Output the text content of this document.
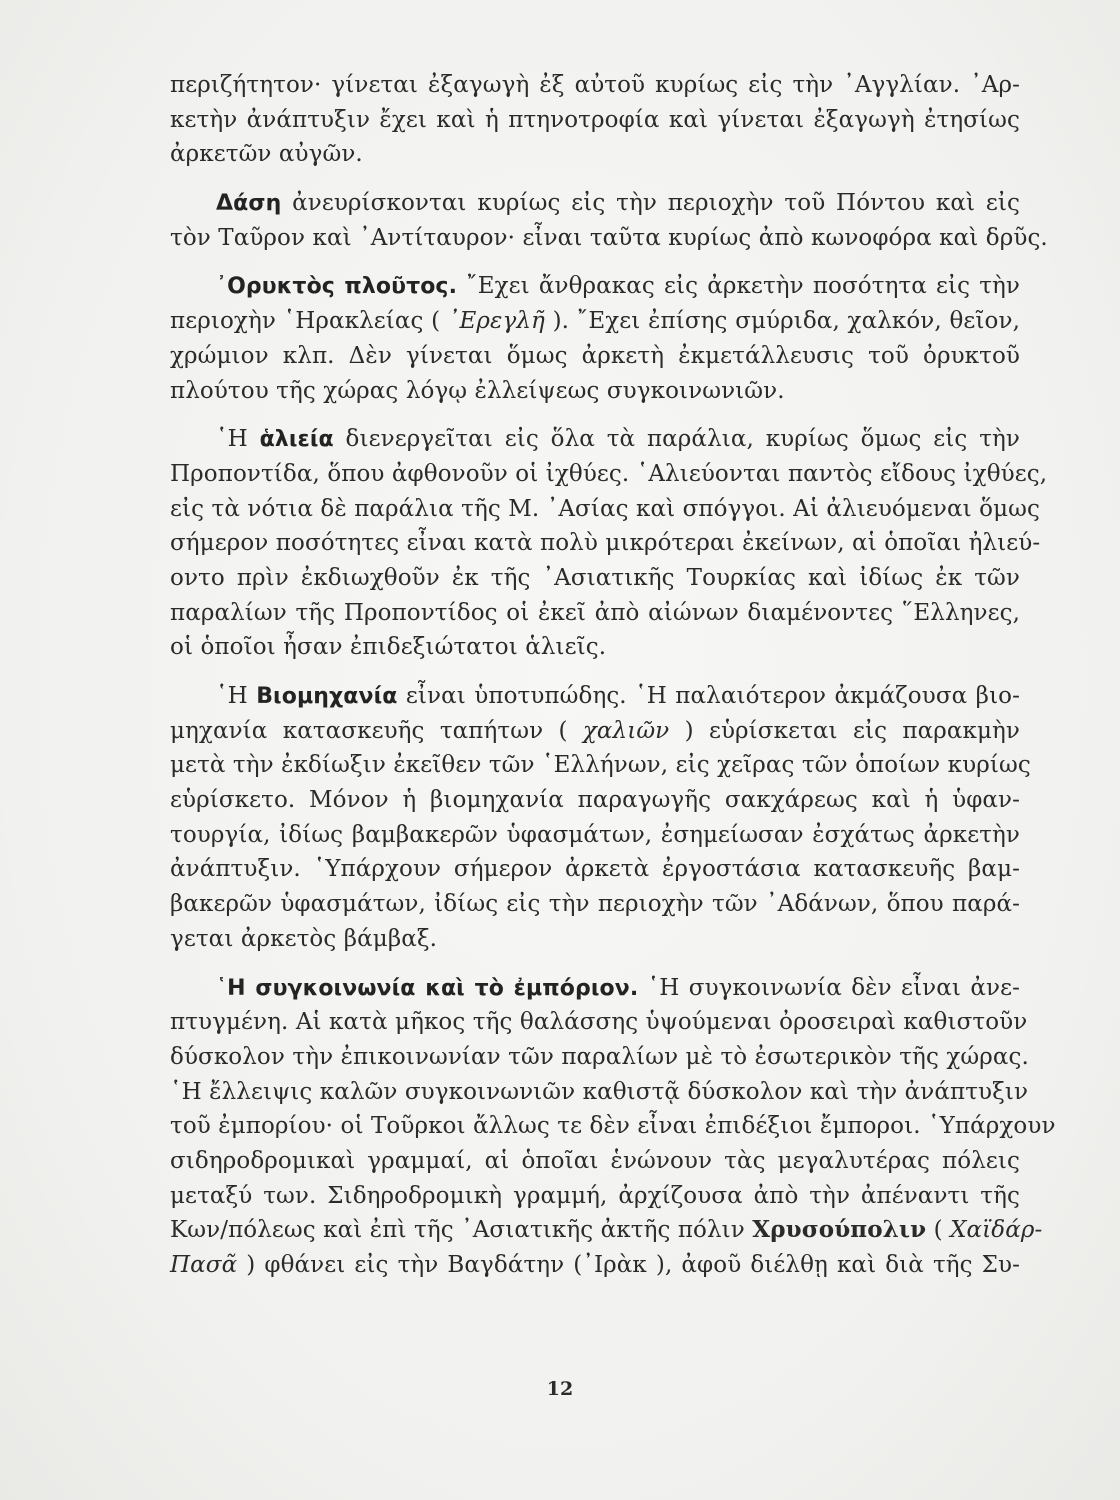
περιζήτητον· γίνεται ἐξαγωγὴ ἐξ αὐτοῦ κυρίως εἰς τὴν ᾿Αγγλίαν. ᾿Αρ-
κετὴν ἀνάπτυξιν ἔχει καὶ ἡ πτηνοτροφία καὶ γίνεται ἐξαγωγὴ ἐτησίως
ἀρκετῶν αὐγῶν.
Δάση ἀνευρίσκονται κυρίως εἰς τὴν περιοχὴν τοῦ Πόντου καὶ εἰς
τὸν Ταῦρον καὶ ᾿Αντίταυρον· εἶναι ταῦτα κυρίως ἀπὸ κωνοφόρα καὶ δρῦς.
᾿Ορυκτὸς πλοῦτος. ῎Εχει ἄνθρακας εἰς ἀρκετὴν ποσότητα εἰς τὴν
περιοχὴν ῾Ηρακλείας ( ᾿Ερεγλῆ ). ῎Εχει ἐπίσης σμύριδα, χαλκόν, θεῖον,
χρώμιον κλπ. Δὲν γίνεται ὅμως ἀρκετὴ ἐκμετάλλευσις τοῦ ὀρυκτοῦ
πλούτου τῆς χώρας λόγῳ ἐλλείψεως συγκοινωνιῶν.
῾Η ἁλιεία διενεργεῖται εἰς ὅλα τὰ παράλια, κυρίως ὅμως εἰς τὴν
Προποντίδα, ὅπου ἀφθονοῦν οἱ ἰχθύες. ῾Αλιεύονται παντὸς εἴδους ἰχθύες,
εἰς τὰ νότια δὲ παράλια τῆς Μ. ᾿Ασίας καὶ σπόγγοι. Αἱ ἀλιευόμεναι ὅμως
σήμερον ποσότητες εἶναι κατὰ πολὺ μικρότεραι ἐκείνων, αἱ ὁποῖαι ἠλιεύ-
οντο πρὶν ἐκδιωχθοῦν ἐκ τῆς ᾿Ασιατικῆς Τουρκίας καὶ ἰδίως ἐκ τῶν
παραλίων τῆς Προποντίδος οἱ ἐκεῖ ἀπὸ αἰώνων διαμένοντες ῞Ελληνες,
οἱ ὁποῖοι ἦσαν ἐπιδεξιώτατοι ἁλιεῖς.
῾Η Βιομηχανία εἶναι ὑποτυπώδης. ῾Η παλαιότερον ἀκμάζουσα βιο-
μηχανία κατασκευῆς ταπήτων ( χαλιῶν ) εὑρίσκεται εἰς παρακμὴν
μετὰ τὴν ἐκδίωξιν ἐκεῖθεν τῶν ῾Ελλήνων, εἰς χεῖρας τῶν ὁποίων κυρίως
εὑρίσκετο. Μόνον ἡ βιομηχανία παραγωγῆς σακχάρεως καὶ ἡ ὑφαν-
τουργία, ἰδίως βαμβακερῶν ὑφασμάτων, ἐσημείωσαν ἐσχάτως ἀρκετὴν
ἀνάπτυξιν. ῾Υπάρχουν σήμερον ἀρκετὰ ἐργοστάσια κατασκευῆς βαμ-
βακερῶν ὑφασμάτων, ἰδίως εἰς τὴν περιοχὴν τῶν ᾿Αδάνων, ὅπου παρά-
γεται ἀρκετὸς βάμβαξ.
῾Η συγκοινωνία καὶ τὸ ἐμπόριον. ῾Η συγκοινωνία δὲν εἶναι ἀνε-
πτυγμένη. Αἱ κατὰ μῆκος τῆς θαλάσσης ὑψούμεναι ὀροσειραὶ καθιστοῦν
δύσκολον τὴν ἐπικοινωνίαν τῶν παραλίων μὲ τὸ ἐσωτερικὸν τῆς χώρας.
῾Η ἔλλειψις καλῶν συγκοινωνιῶν καθιστᾷ δύσκολον καὶ τὴν ἀνάπτυξιν
τοῦ ἐμπορίου· οἱ Τοῦρκοι ἄλλως τε δὲν εἶναι ἐπιδέξιοι ἔμποροι. ῾Υπάρχουν
σιδηροδρομικαὶ γραμμαί, αἱ ὁποῖαι ἑνώνουν τὰς μεγαλυτέρας πόλεις
μεταξύ των. Σιδηροδρομικὴ γραμμή, ἀρχίζουσα ἀπὸ τὴν ἀπέναντι τῆς
Κων/πόλεως καὶ ἐπὶ τῆς ᾿Ασιατικῆς ἀκτῆς πόλιν Χρυσούπολιν ( Χαϊδάρ-
Πασᾶ ) φθάνει εἰς τὴν Βαγδάτην (᾿Ιρὰκ ), ἀφοῦ διέλθῃ καὶ διὰ τῆς Συ-
12
